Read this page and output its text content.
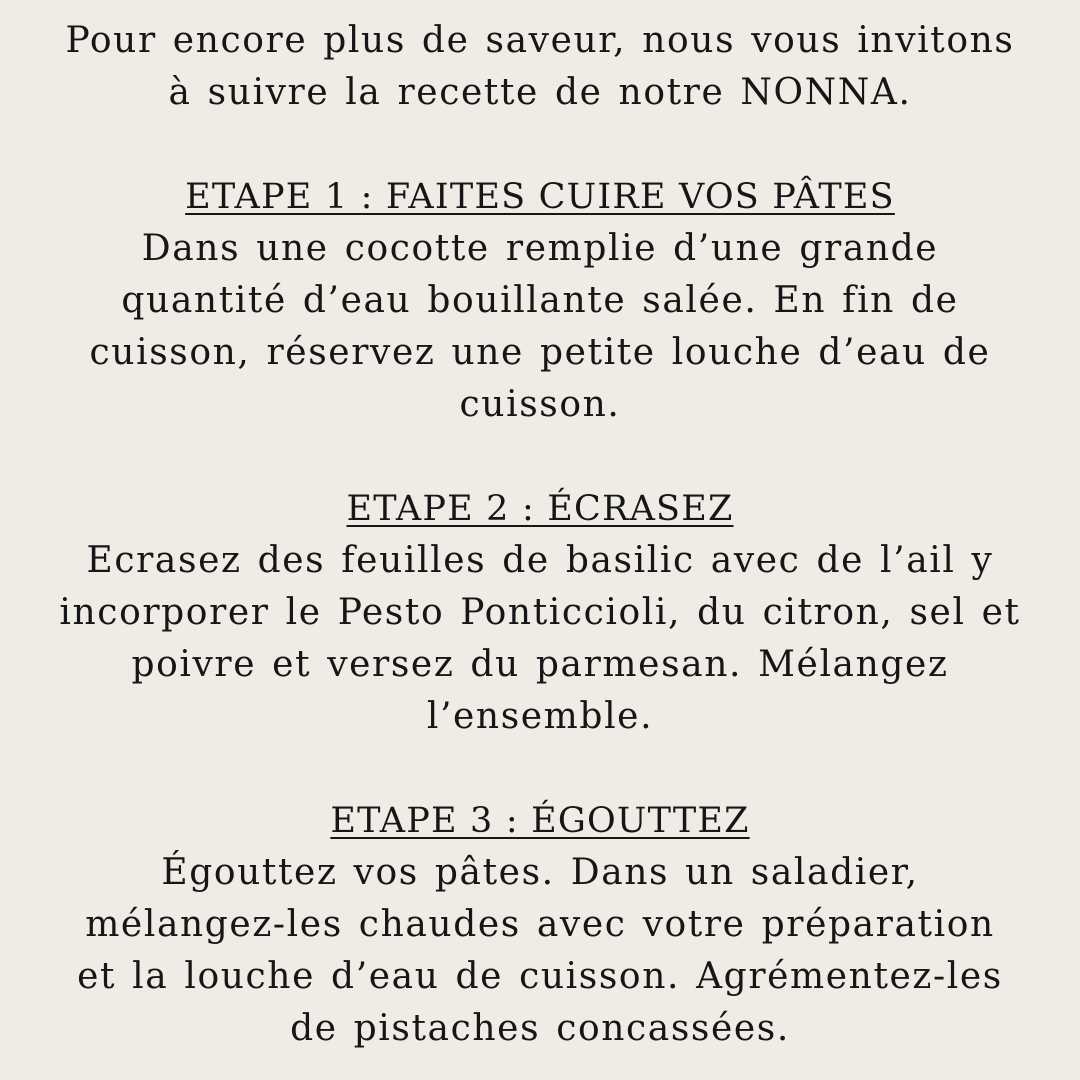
Pour encore plus de saveur, nous vous invitons
à suivre la recette de notre NONNA.
ETAPE 1 : FAITES CUIRE VOS PÂTES
Dans une cocotte remplie d’une grande
quantité d’eau bouillante salée. En fin de
cuisson, réservez une petite louche d’eau de
cuisson.
ETAPE 2 : ÉCRASEZ
Ecrasez des feuilles de basilic avec de l’ail y
incorporer le Pesto Ponticcioli, du citron, sel et
poivre et versez du parmesan. Mélangez
l’ensemble.
ETAPE 3 : ÉGOUTTEZ
Égouttez vos pâtes. Dans un saladier,
mélangez-les chaudes avec votre préparation
et la louche d’eau de cuisson. Agrémentez-les
de pistaches concassées.
